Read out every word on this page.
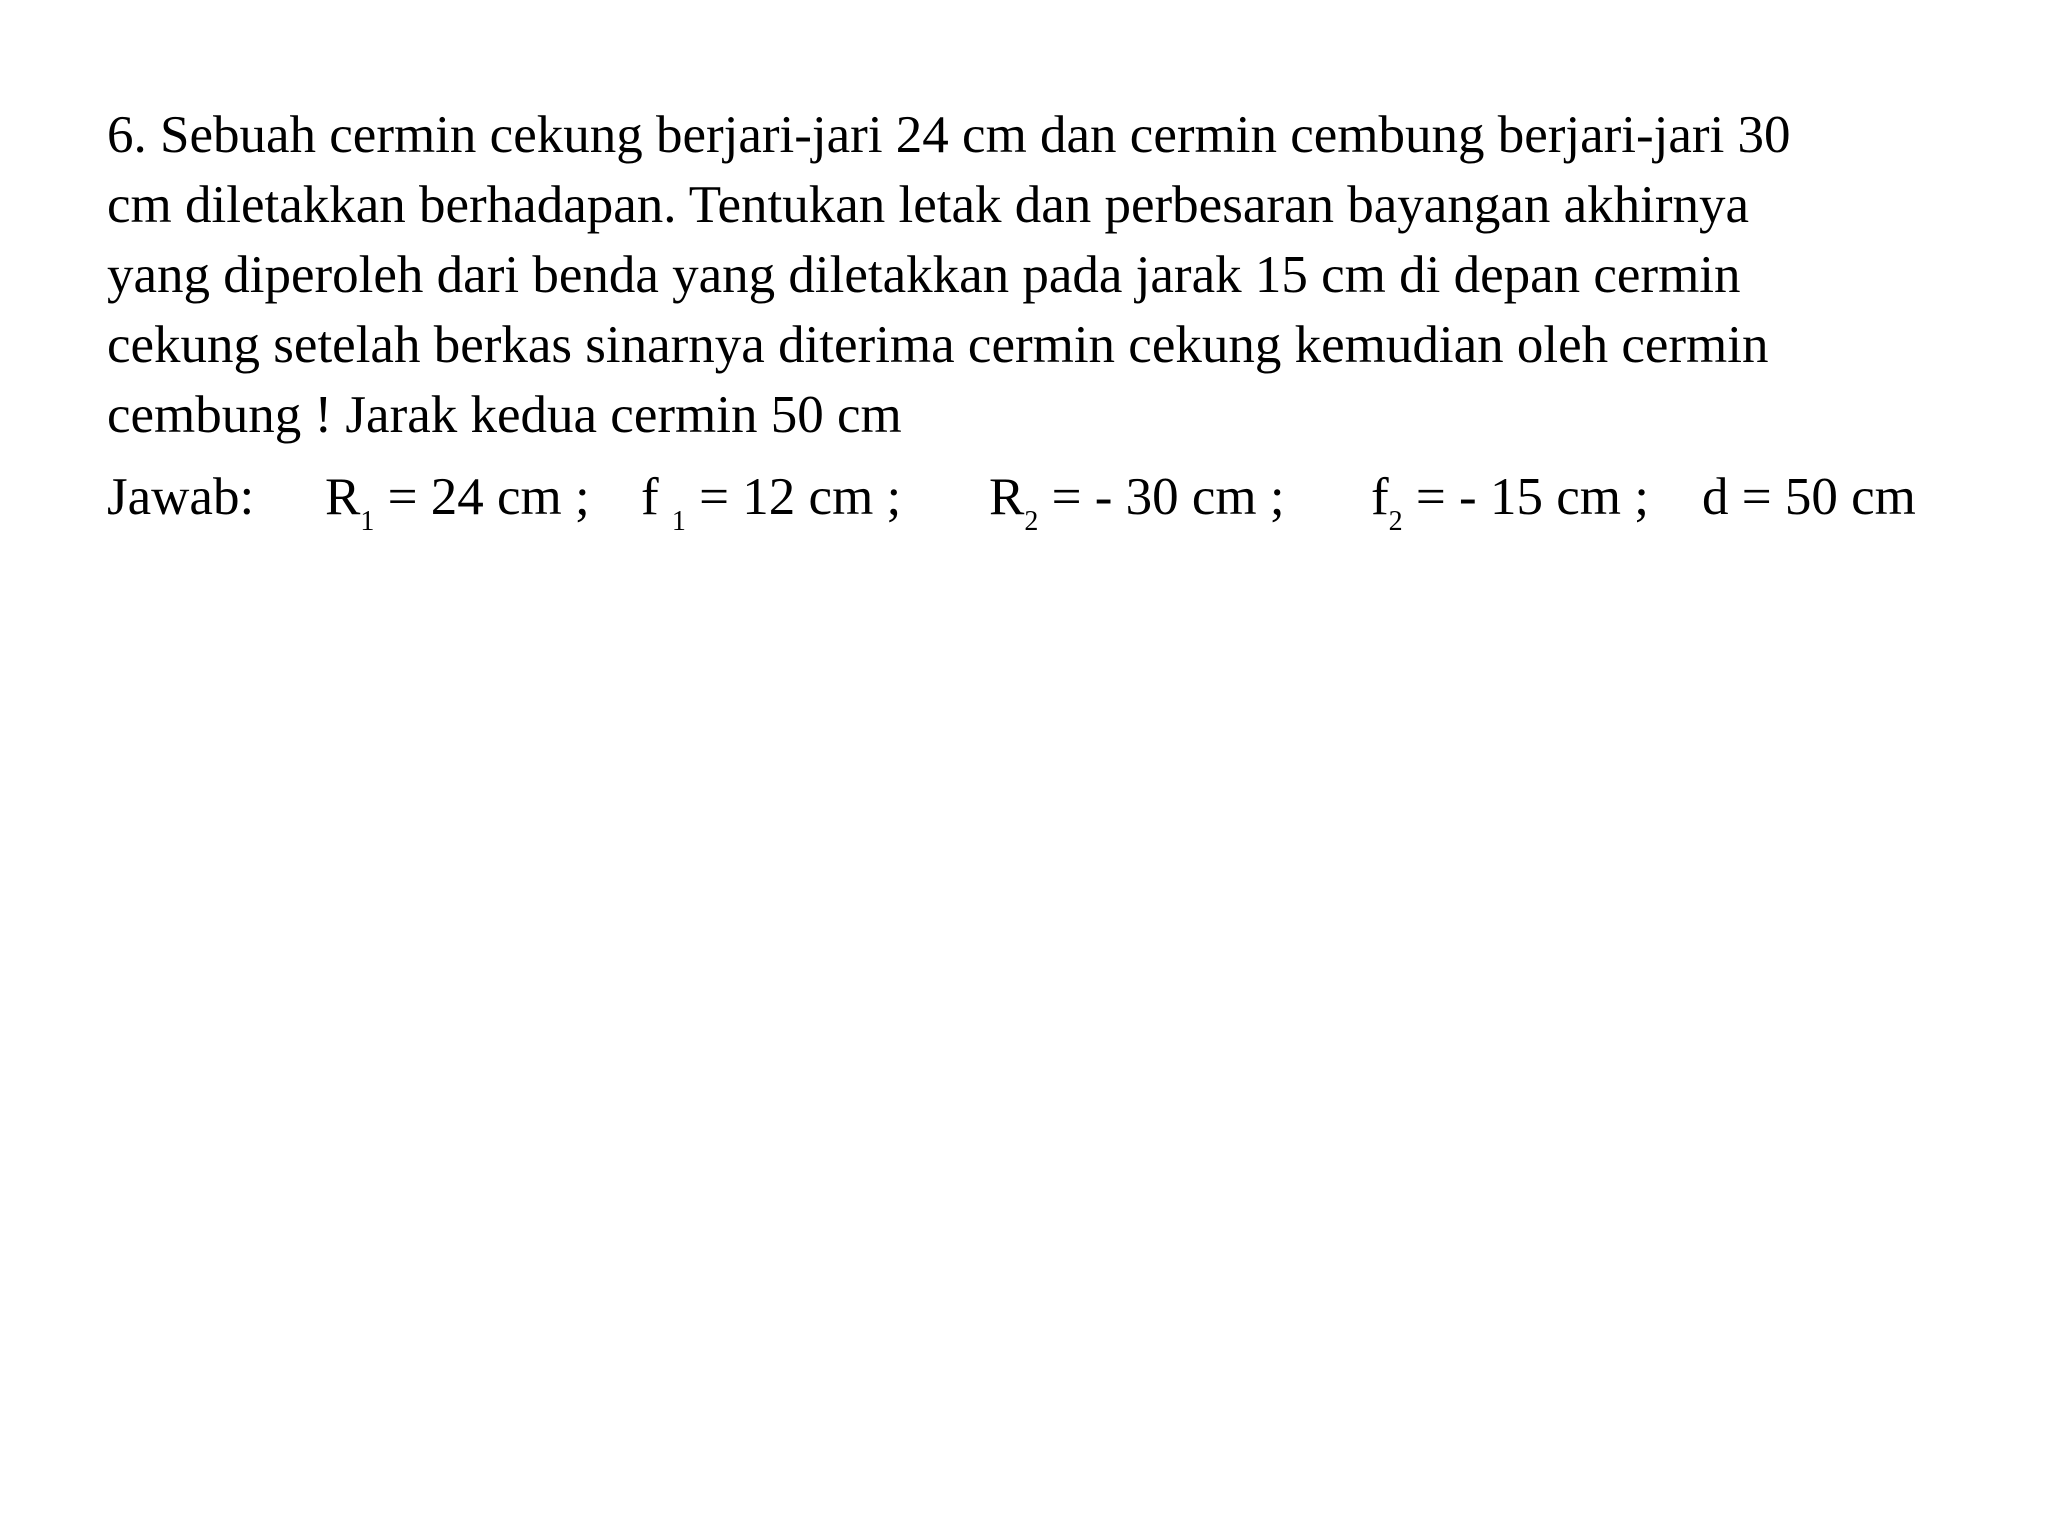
6. Sebuah cermin cekung berjari-jari 24 cm dan cermin cembung berjari-jari 30
cm diletakkan berhadapan. Tentukan letak dan perbesaran bayangan akhirnya
yang diperoleh dari benda yang diletakkan pada jarak 15 cm di depan cermin
cekung setelah berkas sinarnya diterima cermin cekung kemudian oleh cermin
cembung ! Jarak kedua cermin 50 cm

Jawab: $R_1 = 24$ cm ; f $_1$ = 12 cm ; $R_2$ = - 30 cm ; $f_2$ = - 15 cm ; d = 50 cm
